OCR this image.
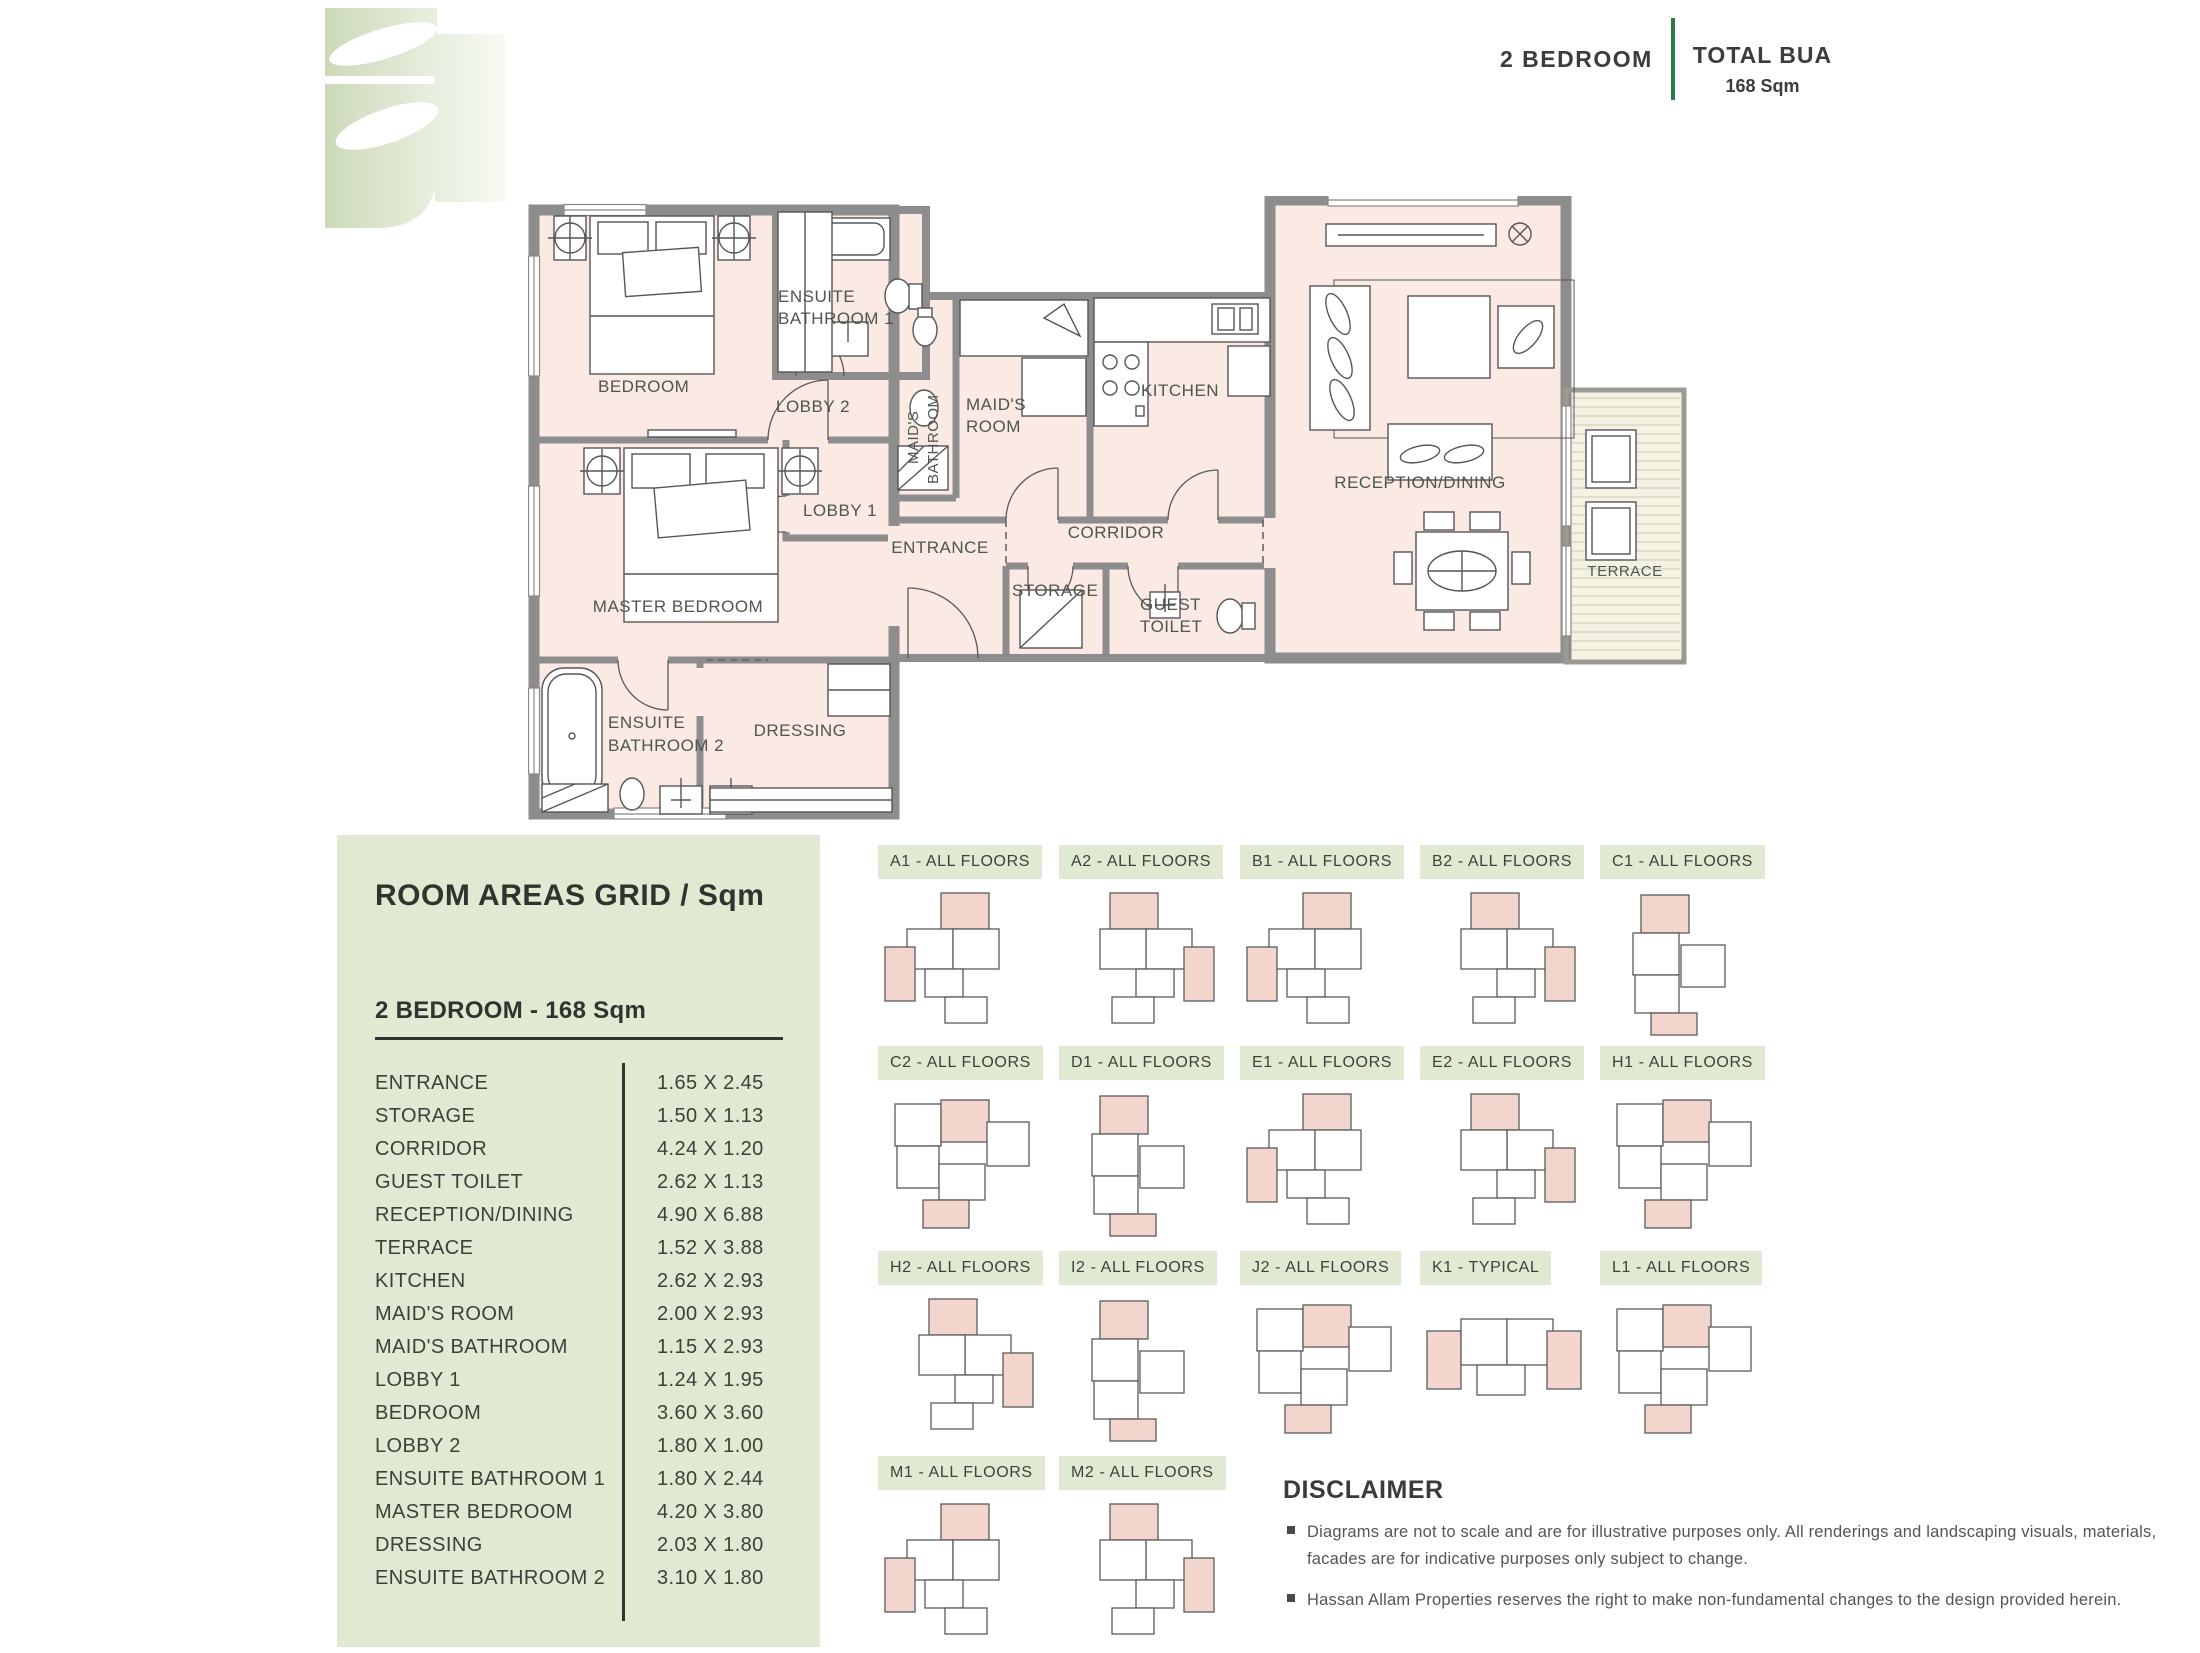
2 BEDROOM TOTAL BUA
168 Sqm
BEDROOM
LOBBY 2
ENSUITE
BATHROOM 1
MAID'S BATHROOM MAID'S
ROOM
KITCHEN
RECEPTION/DINING
TERRACE
CORRIDOR
ENTRANCE
STORAGE
GUEST
TOILET
LOBBY 1
MASTER BEDROOM
ENSUITE
BATHROOM 2
DRESSING
ROOM AREAS GRID / Sqm
2 BEDROOM - 168 Sqm
ENTRANCE	1.65 X 2.45
STORAGE	1.50 X 1.13
CORRIDOR	4.24 X 1.20
GUEST TOILET	2.62 X 1.13
RECEPTION/DINING	4.90 X 6.88
TERRACE	1.52 X 3.88
KITCHEN	2.62 X 2.93
MAID'S ROOM	2.00 X 2.93
MAID'S BATHROOM	1.15 X 2.93
LOBBY 1	1.24 X 1.95
BEDROOM	3.60 X 3.60
LOBBY 2	1.80 X 1.00
ENSUITE BATHROOM 1	1.80 X 2.44
MASTER BEDROOM	4.20 X 3.80
DRESSING	2.03 X 1.80
ENSUITE BATHROOM 2	3.10 X 1.80
A1 - ALL FLOORS	A2 - ALL FLOORS	B1 - ALL FLOORS	B2 - ALL FLOORS	C1 - ALL FLOORS
C2 - ALL FLOORS	D1 - ALL FLOORS	E1 - ALL FLOORS	E2 - ALL FLOORS	H1 - ALL FLOORS
H2 - ALL FLOORS	I2 - ALL FLOORS	J2 - ALL FLOORS	K1 - TYPICAL	L1 - ALL FLOORS
M1 - ALL FLOORS	M2 - ALL FLOORS
DISCLAIMER
Diagrams are not to scale and are for illustrative purposes only. All renderings and landscaping visuals, materials, facades are for indicative purposes only subject to change.
Hassan Allam Properties reserves the right to make non-fundamental changes to the design provided herein.
